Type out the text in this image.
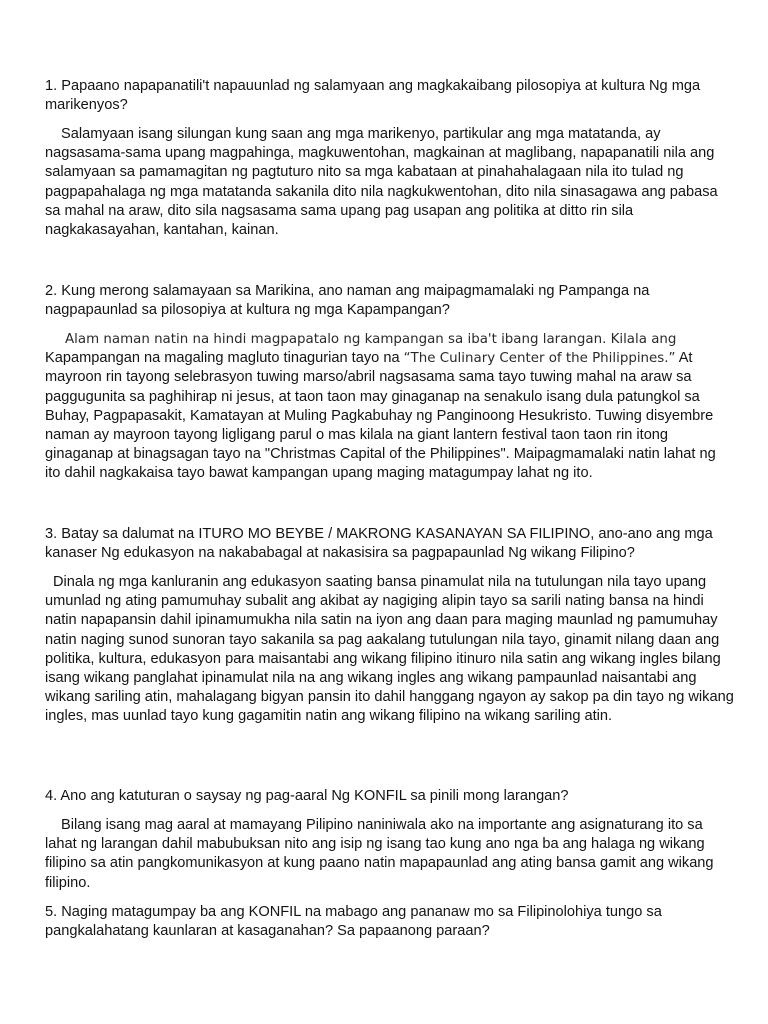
1. Papaano napapanatili't napauunlad ng salamyaan ang magkakaibang pilosopiya at kultura Ng mga marikenyos?

Salamyaan isang silungan kung saan ang mga marikenyo, partikular ang mga matatanda, ay nagsasama-sama upang magpahinga, magkuwentohan, magkainan at maglibang, napapanatili nila ang salamyaan sa pamamagitan ng pagtuturo nito sa mga kabataan at pinahahalagaan nila ito tulad ng pagpapahalaga ng mga matatanda sakanila dito nila nagkukwentohan, dito nila sinasagawa ang pabasa sa mahal na araw, dito sila nagsasama sama upang pag usapan ang politika at ditto rin sila nagkakasayahan, kantahan, kainan.

2. Kung merong salamayaan sa Marikina, ano naman ang maipagmamalaki ng Pampanga na nagpapaunlad sa pilosopiya at kultura ng mga Kapampangan?

Alam naman natin na hindi magpapatalo ng kampangan sa iba't ibang larangan. Kilala ang Kapampangan na magaling magluto tinagurian tayo na “The Culinary Center of the Philippines.” At mayroon rin tayong selebrasyon tuwing marso/abril nagsasama sama tayo tuwing mahal na araw sa paggugunita sa paghihirap ni jesus, at taon taon may ginaganap na senakulo isang dula patungkol sa Buhay, Pagpapasakit, Kamatayan at Muling Pagkabuhay ng Panginoong Hesukristo. Tuwing disyembre naman ay mayroon tayong ligligang parul o mas kilala na giant lantern festival taon taon rin itong ginaganap at binagsagan tayo na "Christmas Capital of the Philippines". Maipagmamalaki natin lahat ng ito dahil nagkakaisa tayo bawat kampangan upang maging matagumpay lahat ng ito.

3. Batay sa dalumat na ITURO MO BEYBE / MAKRONG KASANAYAN SA FILIPINO, ano-ano ang mga kanaser Ng edukasyon na nakababagal at nakasisira sa pagpapaunlad Ng wikang Filipino?

Dinala ng mga kanluranin ang edukasyon saating bansa pinamulat nila na tutulungan nila tayo upang umunlad ng ating pamumuhay subalit ang akibat ay nagiging alipin tayo sa sarili nating bansa na hindi natin napapansin dahil ipinamumukha nila satin na iyon ang daan para maging maunlad ng pamumuhay natin naging sunod sunoran tayo sakanila sa pag aakalang tutulungan nila tayo, ginamit nilang daan ang politika, kultura, edukasyon para maisantabi ang wikang filipino itinuro nila satin ang wikang ingles bilang isang wikang panglahat ipinamulat nila na ang wikang ingles ang wikang pampaunlad naisantabi ang wikang sariling atin, mahalagang bigyan pansin ito dahil hanggang ngayon ay sakop pa din tayo ng wikang ingles, mas uunlad tayo kung gagamitin natin ang wikang filipino na wikang sariling atin.

4. Ano ang katuturan o saysay ng pag-aaral Ng KONFIL sa pinili mong larangan?

Bilang isang mag aaral at mamayang Pilipino naniniwala ako na importante ang asignaturang ito sa lahat ng larangan dahil mabubuksan nito ang isip ng isang tao kung ano nga ba ang halaga ng wikang filipino sa atin pangkomunikasyon at kung paano natin mapapaunlad ang ating bansa gamit ang wikang filipino.

5. Naging matagumpay ba ang KONFIL na mabago ang pananaw mo sa Filipinolohiya tungo sa pangkalahatang kaunlaran at kasaganahan? Sa papaanong paraan?
